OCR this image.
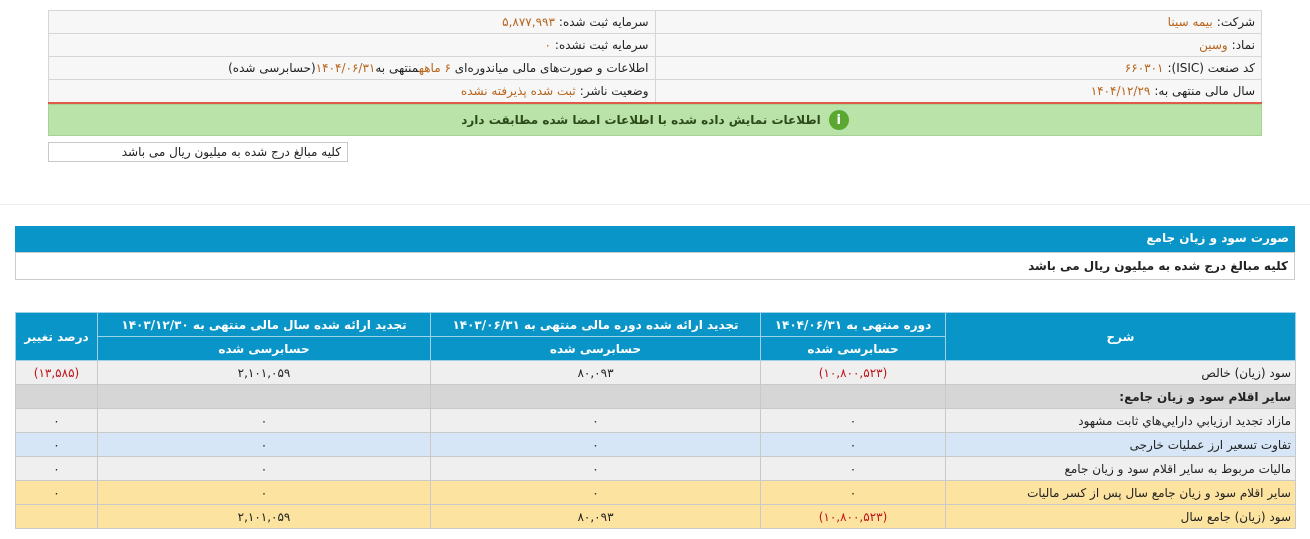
شرکت:بیمه سینا	سرمایه ثبت شده:۵,۸۷۷,۹۹۳
نماد:وسین	سرمایه ثبت نشده:۰
کد صنعت (ISIC):۶۶۰۳۰۱	اطلاعات و صورت‌های مالی میاندوره‌ای ۶ ماههمنتهی به۱۴۰۴/۰۶/۳۱(حسابرسی شده)
سال مالی منتهی به:۱۴۰۴/۱۲/۲۹	وضعیت ناشر:ثبت شده پذیرفته نشده
i
اطلاعات نمایش داده شده با اطلاعات امضا شده مطابقت دارد
کلیه مبالغ درج شده به میلیون ریال می باشد
صورت سود و زیان جامع
کلیه مبالغ درج شده به میلیون ریال می باشد
شرح	دوره منتهی به ۱۴۰۴/۰۶/۳۱	تجدید ارائه شده دوره مالی منتهی به ۱۴۰۳/۰۶/۳۱	تجدید ارائه شده سال مالی منتهی به ۱۴۰۳/۱۲/۳۰	درصد تغییر
	حسابرسی شده	حسابرسی شده	حسابرسی شده	
سود (زیان) خالص	(۱۰,۸۰۰,۵۲۳)	۸۰,۰۹۳	۲,۱۰۱,۰۵۹	(۱۳,۵۸۵)
سایر اقلام سود و زیان جامع:				
مازاد تجدید ارزيابي دارايي‌هاي ثابت مشهود	۰	۰	۰	۰
تفاوت تسعیر ارز عملیات خارجی	۰	۰	۰	۰
مالیات مربوط به سایر اقلام سود و زیان جامع	۰	۰	۰	۰
سایر اقلام سود و زیان جامع سال پس از کسر مالیات	۰	۰	۰	۰
سود (زیان) جامع سال	(۱۰,۸۰۰,۵۲۳)	۸۰,۰۹۳	۲,۱۰۱,۰۵۹	
